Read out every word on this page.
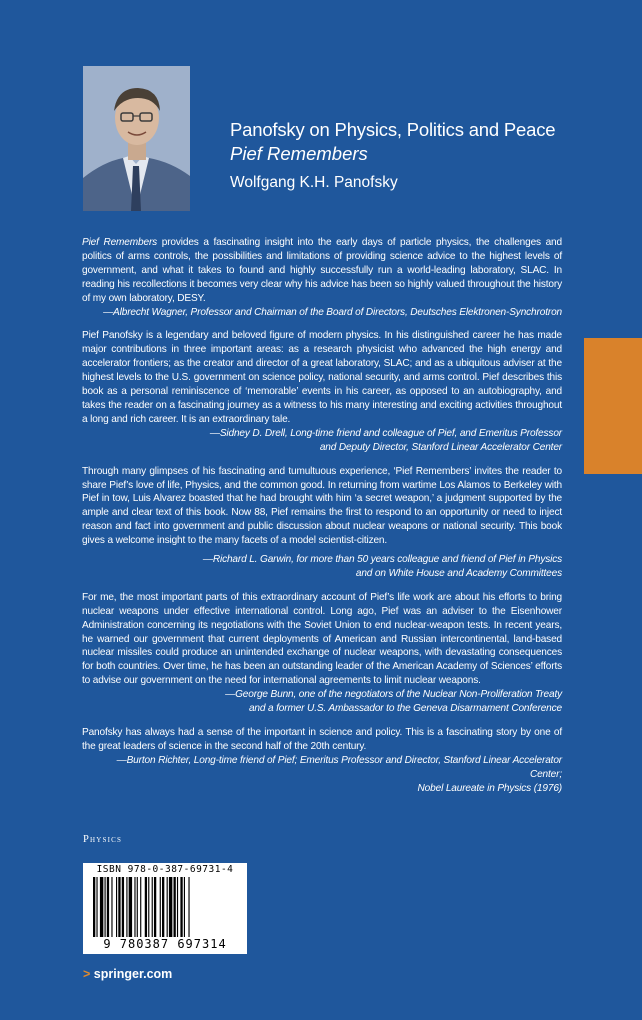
Panofsky on Physics, Politics and Peace
Pief Remembers
Wolfgang K.H. Panofsky

Pief Remembers provides a fascinating insight into the early days of particle physics, the challenges and politics of arms controls, the possibilities and limitations of providing science advice to the highest levels of government, and what it takes to found and highly successfully run a world-leading laboratory, SLAC. In reading his recollections it becomes very clear why his advice has been so highly valued throughout the history of my own laboratory, DESY.

—Albrecht Wagner, Professor and Chairman of the Board of Directors, Deutsches Elektronen-Synchrotron

Pief Panofsky is a legendary and beloved figure of modern physics. In his distinguished career he has made major contributions in three important areas: as a research physicist who advanced the high energy and accelerator frontiers; as the creator and director of a great laboratory, SLAC; and as a ubiquitous adviser at the highest levels to the U.S. government on science policy, national security, and arms control. Pief describes this book as a personal reminiscence of ‘memorable’ events in his career, as opposed to an autobiography, and takes the reader on a fascinating journey as a witness to his many interesting and exciting activities throughout a long and rich career. It is an extraordinary tale.

—Sidney D. Drell, Long-time friend and colleague of Pief, and Emeritus Professor

and Deputy Director, Stanford Linear Accelerator Center

Through many glimpses of his fascinating and tumultuous experience, ‘Pief Remembers’ invites the reader to share Pief’s love of life, Physics, and the common good. In returning from wartime Los Alamos to Berkeley with Pief in tow, Luis Alvarez boasted that he had brought with him ‘a secret weapon,’ a judgment supported by the ample and clear text of this book. Now 88, Pief remains the first to respond to an opportunity or need to inject reason and fact into government and public discussion about nuclear weapons or national security. This book gives a welcome insight to the many facets of a model scientist-citizen.

—Richard L. Garwin, for more than 50 years colleague and friend of Pief in Physics

and on White House and Academy Committees

For me, the most important parts of this extraordinary account of Pief’s life work are about his efforts to bring nuclear weapons under effective international control. Long ago, Pief was an adviser to the Eisenhower Administration concerning its negotiations with the Soviet Union to end nuclear-weapon tests. In recent years, he warned our government that current deployments of American and Russian intercontinental, land-based nuclear missiles could produce an unintended exchange of nuclear weapons, with devastating consequences for both countries. Over time, he has been an outstanding leader of the American Academy of Sciences’ efforts to advise our government on the need for international agreements to limit nuclear weapons.

—George Bunn, one of the negotiators of the Nuclear Non-Proliferation Treaty

and a former U.S. Ambassador to the Geneva Disarmament Conference

Panofsky has always had a sense of the important in science and policy. This is a fascinating story by one of the great leaders of science in the second half of the 20th century.

—Burton Richter, Long-time friend of Pief; Emeritus Professor and Director, Stanford Linear Accelerator Center;

Nobel Laureate in Physics (1976)

Physics
ISBN 978-0-387-69731-4
9 780387 697314
> springer.com
